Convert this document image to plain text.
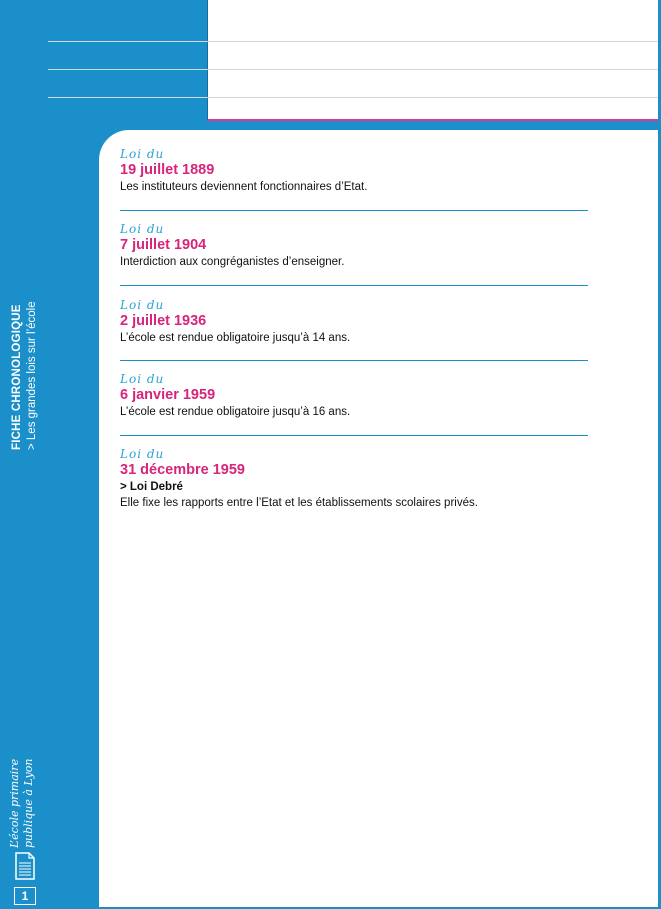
Loi du
19 juillet 1889
Les instituteurs deviennent fonctionnaires d’Etat.
Loi du
7 juillet 1904
Interdiction aux congréganistes d’enseigner.
Loi du
2 juillet 1936
L’école est rendue obligatoire jusqu’à 14 ans.
Loi du
6 janvier 1959
L’école est rendue obligatoire jusqu’à 16 ans.
Loi du
31 décembre 1959
> Loi Debré
Elle fixe les rapports entre l’Etat et les établissements scolaires privés.
FICHE CHRONOLOGIQUE > Les grandes lois sur l’école
L’école primaire publique à Lyon
1
